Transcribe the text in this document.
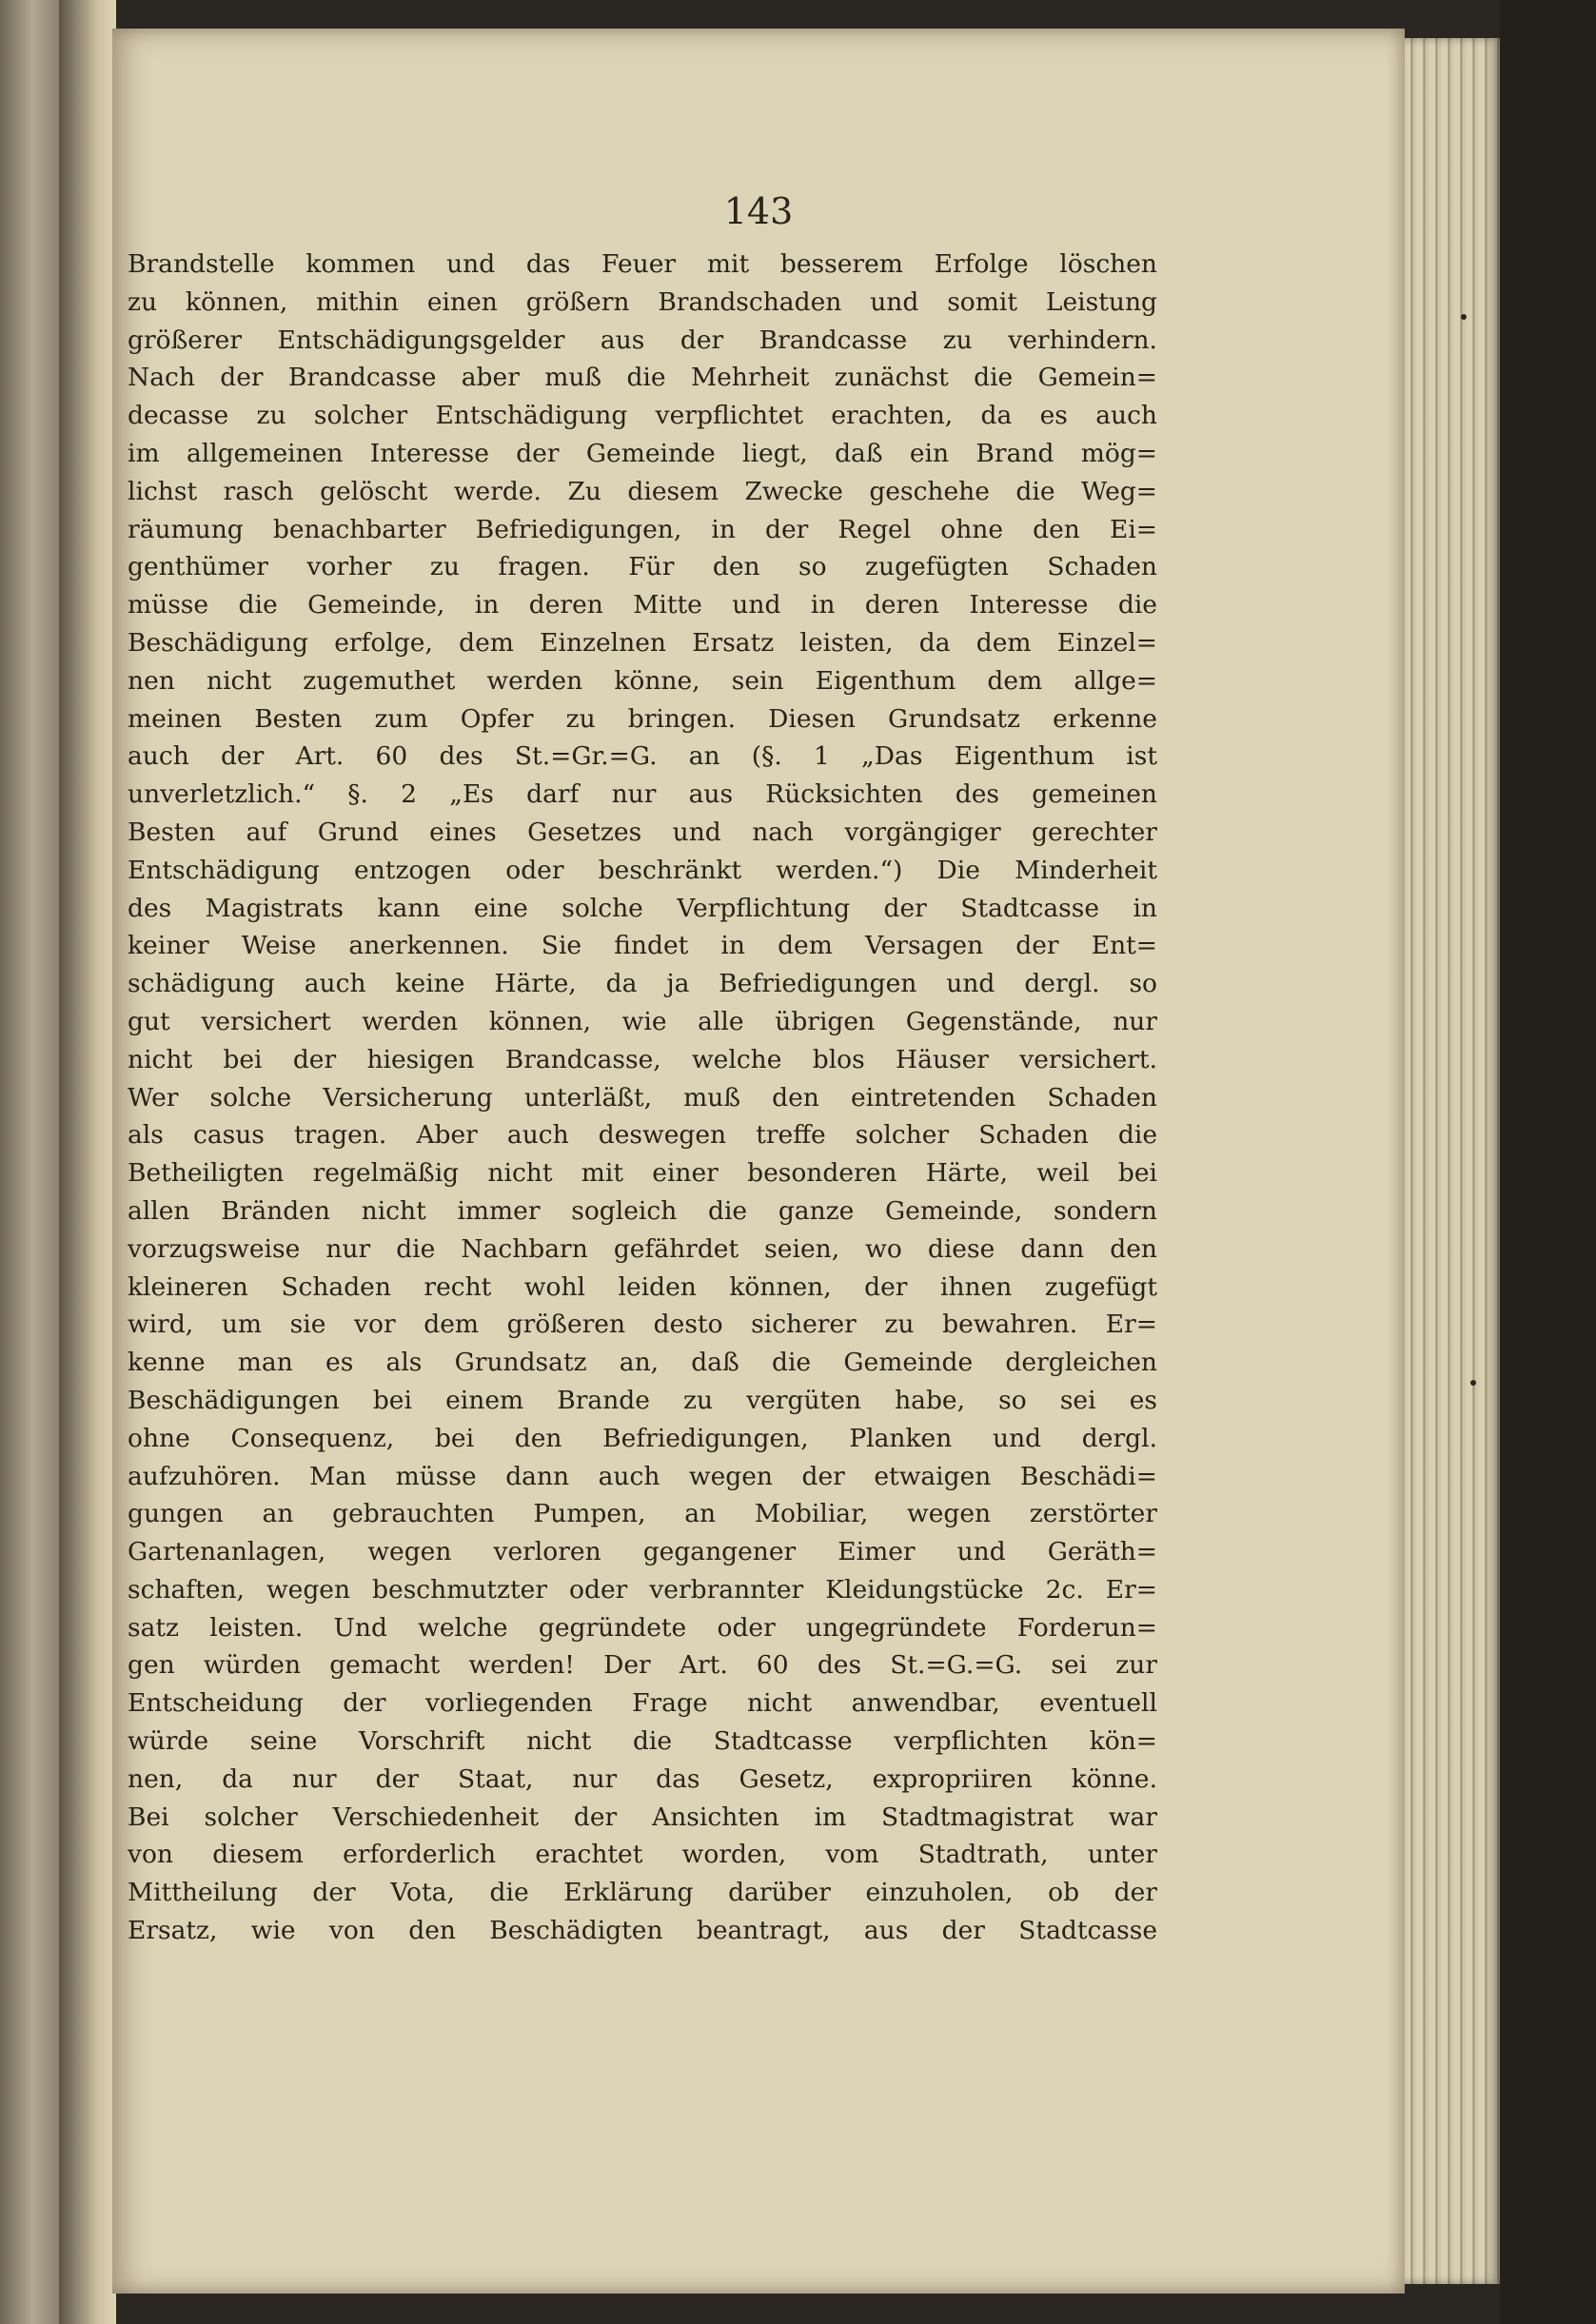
143
Brandstelle kommen und das Feuer mit besserem Erfolge löschen
zu können, mithin einen größern Brandschaden und somit Leistung
größerer Entschädigungsgelder aus der Brandcasse zu verhindern.
Nach der Brandcasse aber muß die Mehrheit zunächst die Gemein=
decasse zu solcher Entschädigung verpflichtet erachten, da es auch
im allgemeinen Interesse der Gemeinde liegt, daß ein Brand mög=
lichst rasch gelöscht werde. Zu diesem Zwecke geschehe die Weg=
räumung benachbarter Befriedigungen, in der Regel ohne den Ei=
genthümer vorher zu fragen. Für den so zugefügten Schaden
müsse die Gemeinde, in deren Mitte und in deren Interesse die
Beschädigung erfolge, dem Einzelnen Ersatz leisten, da dem Einzel=
nen nicht zugemuthet werden könne, sein Eigenthum dem allge=
meinen Besten zum Opfer zu bringen. Diesen Grundsatz erkenne
auch der Art. 60 des St.=Gr.=G. an (§. 1 „Das Eigenthum ist
unverletzlich.“ §. 2 „Es darf nur aus Rücksichten des gemeinen
Besten auf Grund eines Gesetzes und nach vorgängiger gerechter
Entschädigung entzogen oder beschränkt werden.“) Die Minderheit
des Magistrats kann eine solche Verpflichtung der Stadtcasse in
keiner Weise anerkennen. Sie findet in dem Versagen der Ent=
schädigung auch keine Härte, da ja Befriedigungen und dergl. so
gut versichert werden können, wie alle übrigen Gegenstände, nur
nicht bei der hiesigen Brandcasse, welche blos Häuser versichert.
Wer solche Versicherung unterläßt, muß den eintretenden Schaden
als casus tragen. Aber auch deswegen treffe solcher Schaden die
Betheiligten regelmäßig nicht mit einer besonderen Härte, weil bei
allen Bränden nicht immer sogleich die ganze Gemeinde, sondern
vorzugsweise nur die Nachbarn gefährdet seien, wo diese dann den
kleineren Schaden recht wohl leiden können, der ihnen zugefügt
wird, um sie vor dem größeren desto sicherer zu bewahren. Er=
kenne man es als Grundsatz an, daß die Gemeinde dergleichen
Beschädigungen bei einem Brande zu vergüten habe, so sei es
ohne Consequenz, bei den Befriedigungen, Planken und dergl.
aufzuhören. Man müsse dann auch wegen der etwaigen Beschädi=
gungen an gebrauchten Pumpen, an Mobiliar, wegen zerstörter
Gartenanlagen, wegen verloren gegangener Eimer und Geräth=
schaften, wegen beschmutzter oder verbrannter Kleidungstücke 2c. Er=
satz leisten. Und welche gegründete oder ungegründete Forderun=
gen würden gemacht werden! Der Art. 60 des St.=G.=G. sei zur
Entscheidung der vorliegenden Frage nicht anwendbar, eventuell
würde seine Vorschrift nicht die Stadtcasse verpflichten kön=
nen, da nur der Staat, nur das Gesetz, expropriiren könne.
Bei solcher Verschiedenheit der Ansichten im Stadtmagistrat war
von diesem erforderlich erachtet worden, vom Stadtrath, unter
Mittheilung der Vota, die Erklärung darüber einzuholen, ob der
Ersatz, wie von den Beschädigten beantragt, aus der Stadtcasse
